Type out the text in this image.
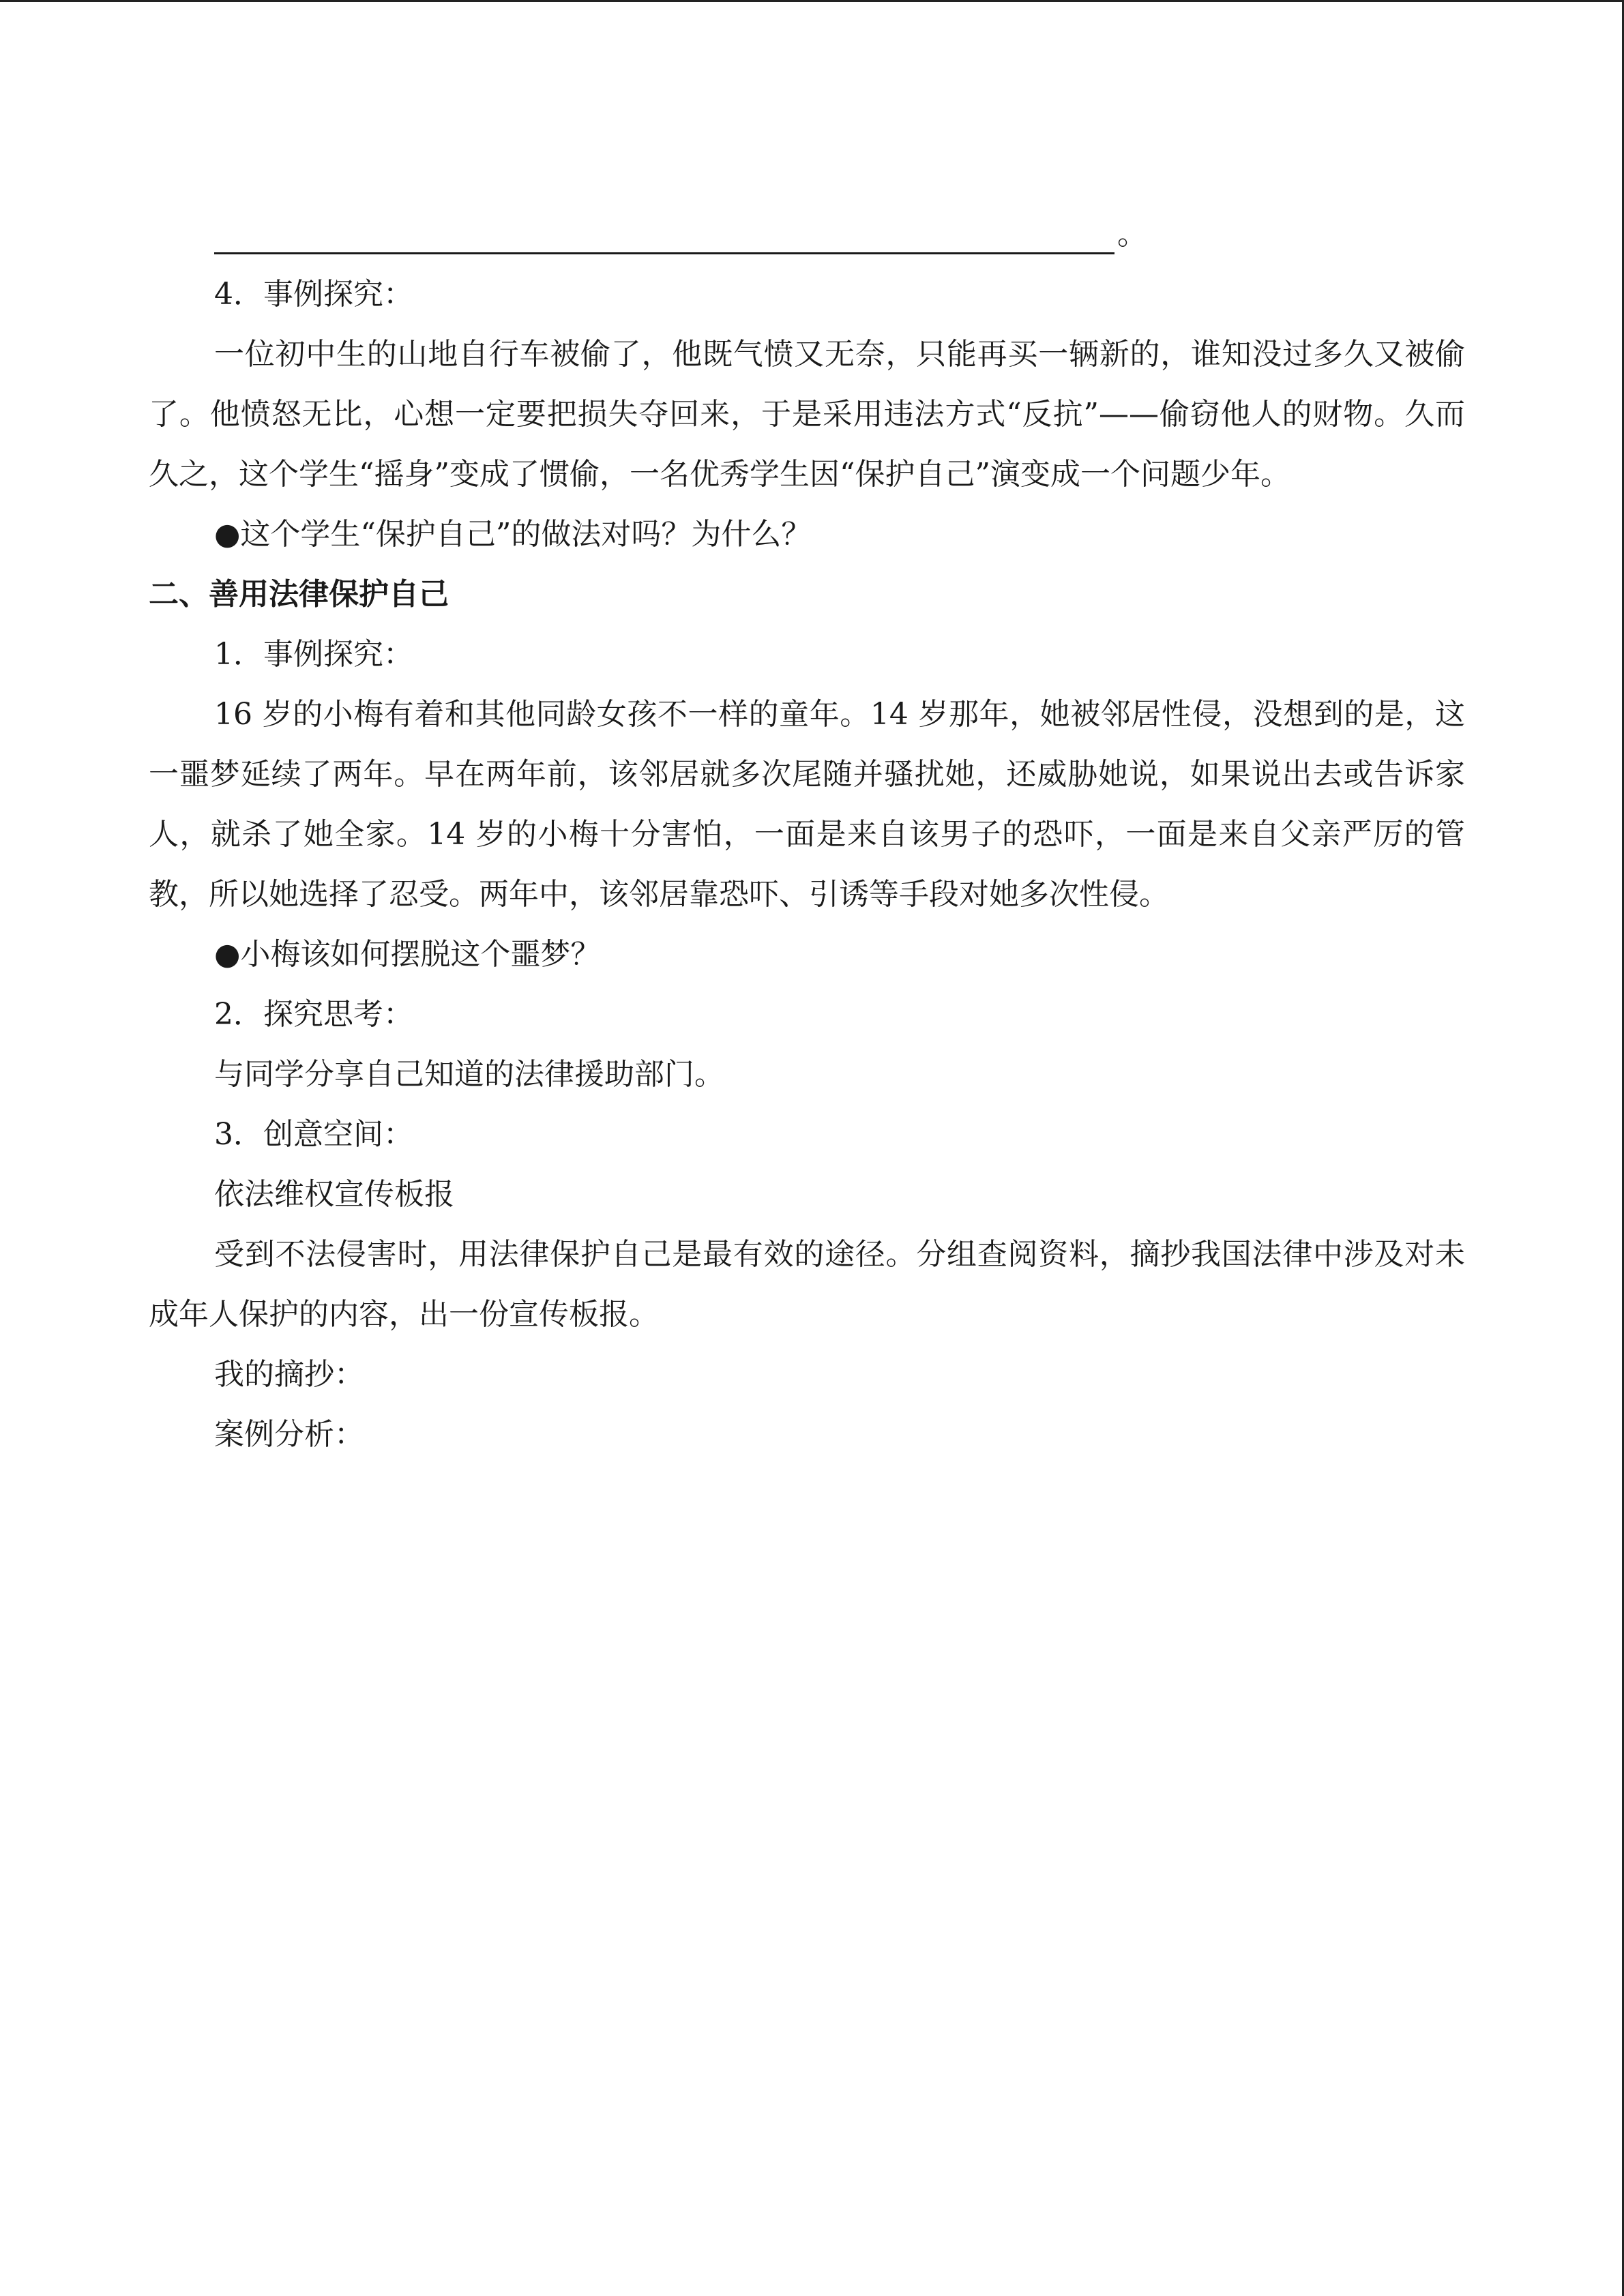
。

4．事例探究：

一位初中生的山地自行车被偷了，他既气愤又无奈，只能再买一辆新的，谁知没过多久又被偷了。他愤怒无比，心想一定要把损失夺回来，于是采用违法方式“反抗”——偷窃他人的财物。久而久之，这个学生“摇身”变成了惯偷，一名优秀学生因“保护自己”演变成一个问题少年。

●这个学生“保护自己”的做法对吗？为什么？

二、善用法律保护自己

1．事例探究：

16 岁的小梅有着和其他同龄女孩不一样的童年。14 岁那年，她被邻居性侵，没想到的是，这一噩梦延续了两年。早在两年前，该邻居就多次尾随并骚扰她，还威胁她说，如果说出去或告诉家人，就杀了她全家。14 岁的小梅十分害怕，一面是来自该男子的恐吓，一面是来自父亲严厉的管教，所以她选择了忍受。两年中，该邻居靠恐吓、引诱等手段对她多次性侵。

●小梅该如何摆脱这个噩梦？

2．探究思考：

与同学分享自己知道的法律援助部门。

3．创意空间：

依法维权宣传板报

受到不法侵害时，用法律保护自己是最有效的途径。分组查阅资料，摘抄我国法律中涉及对未成年人保护的内容，出一份宣传板报。

我的摘抄：

案例分析：
